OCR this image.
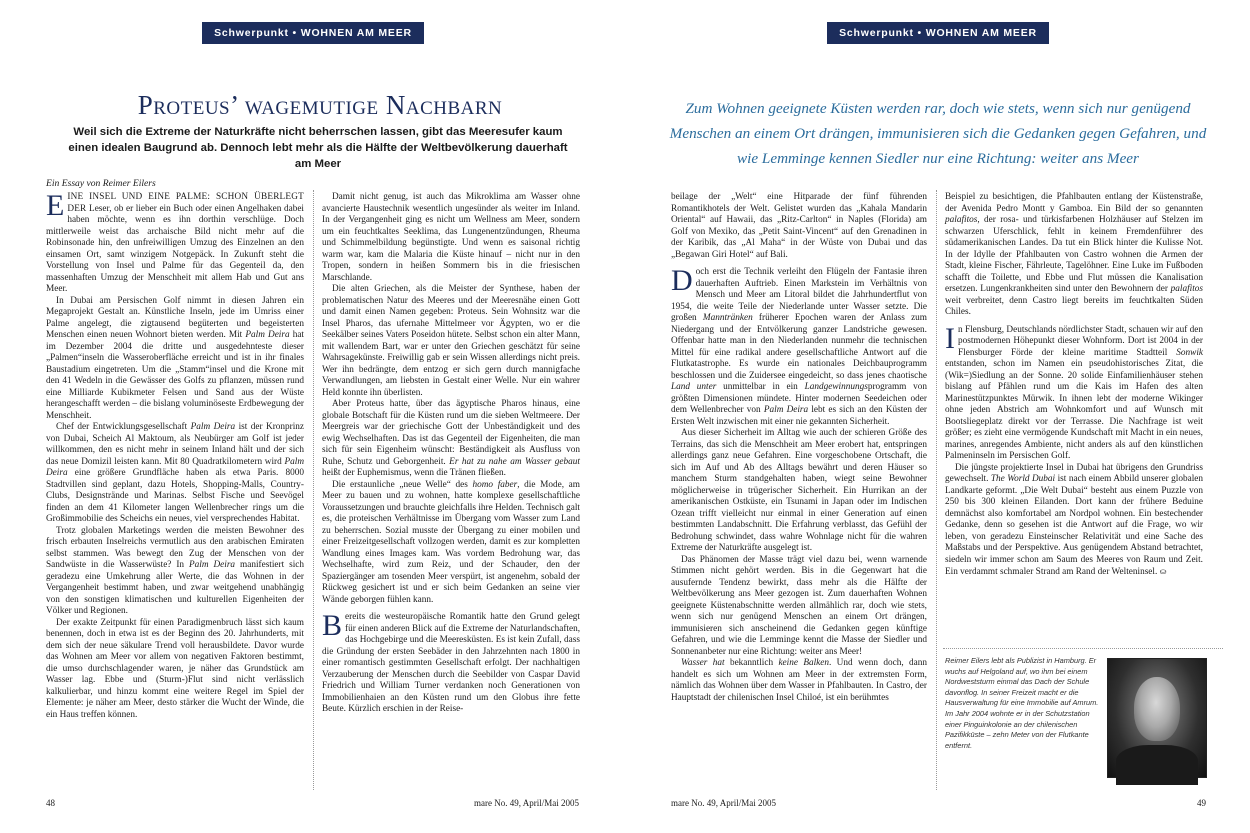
Schwerpunkt • WOHNEN AM MEER
Proteus’ wagemutige Nachbarn
Weil sich die Extreme der Naturkräfte nicht beherrschen lassen, gibt das Meeresufer kaum einen idealen Baugrund ab. Dennoch lebt mehr als die Hälfte der Weltbevölkerung dauerhaft am Meer
Ein Essay von Reimer Eilers

EINE INSEL UND EINE PALME: SCHON ÜBERLEGT DER Leser, ob er lieber ein Buch oder einen Angelhaken dabei haben möchte, wenn es ihn dorthin verschlüge. Doch mittlerweile weist das archaische Bild nicht mehr auf die Robinsonade hin, den unfreiwilligen Umzug des Einzelnen an den einsamen Ort, samt winzigem Notgepäck. In Zukunft steht die Vorstellung von Insel und Palme für das Gegenteil da, den massenhaften Umzug der Menschheit mit allem Hab und Gut ans Meer.

In Dubai am Persischen Golf nimmt in diesen Jahren ein Megaprojekt Gestalt an. Künstliche Inseln, jede im Umriss einer Palme angelegt, die zigtausend begüterten und begeisterten Menschen einen neuen Wohnort bieten werden. Mit Palm Deira hat im Dezember 2004 die dritte und ausgedehnteste dieser „Palmen“inseln die Wasseroberfläche erreicht und ist in ihr finales Baustadium eingetreten. Um die „Stamm“insel und die Krone mit den 41 Wedeln in die Gewässer des Golfs zu pflanzen, müssen rund eine Milliarde Kubikmeter Felsen und Sand aus der Wüste herangeschafft werden – die bislang voluminöseste Erdbewegung der Menschheit.

Chef der Entwicklungsgesellschaft Palm Deira ist der Kronprinz von Dubai, Scheich Al Maktoum, als Neubürger am Golf ist jeder willkommen, den es nicht mehr in seinem Inland hält und der sich das neue Domizil leisten kann. Mit 80 Quadratkilometern wird Palm Deira eine größere Grundfläche haben als etwa Paris. 8000 Stadtvillen sind geplant, dazu Hotels, Shopping-Malls, Country-Clubs, Designstrände und Marinas. Selbst Fische und Seevögel finden an dem 41 Kilometer langen Wellenbrecher rings um die Großimmobilie des Scheichs ein neues, viel versprechendes Habitat.

Trotz globalen Marketings werden die meisten Bewohner des frisch erbauten Inselreichs vermutlich aus den arabischen Emiraten selbst stammen. Was bewegt den Zug der Menschen von der Sandwüste in die Wasserwüste? In Palm Deira manifestiert sich geradezu eine Umkehrung aller Werte, die das Wohnen in der Vergangenheit bestimmt haben, und zwar weitgehend unabhängig von den sonstigen klimatischen und kulturellen Eigenheiten der Völker und Regionen.

Der exakte Zeitpunkt für einen Paradigmenbruch lässt sich kaum benennen, doch in etwa ist es der Beginn des 20. Jahrhunderts, mit dem sich der neue säkulare Trend voll herausbildete. Davor wurde das Wohnen am Meer vor allem von negativen Faktoren bestimmt, die umso durchschlagender waren, je näher das Grundstück am Wasser lag. Ebbe und (Sturm-)Flut sind nicht verlässlich kalkulierbar, und hinzu kommt eine weitere Regel im Spiel der Elemente: je näher am Meer, desto stärker die Wucht der Winde, die ein Haus treffen können.

Damit nicht genug, ist auch das Mikroklima am Wasser ohne avancierte Haustechnik wesentlich ungesünder als weiter im Inland. In der Vergangenheit ging es nicht um Wellness am Meer, sondern um ein feuchtkaltes Seeklima, das Lungenentzündungen, Rheuma und Schimmelbildung begünstigte. Und wenn es saisonal richtig warm war, kam die Malaria die Küste hinauf – nicht nur in den Tropen, sondern in heißen Sommern bis in die friesischen Marschlande.

Die alten Griechen, als die Meister der Synthese, haben der problematischen Natur des Meeres und der Meeresnähe einen Gott und damit einen Namen gegeben: Proteus. Sein Wohnsitz war die Insel Pharos, das ufernahe Mittelmeer vor Ägypten, wo er die Seekälber seines Vaters Poseidon hütete. Selbst schon ein alter Mann, mit wallendem Bart, war er unter den Griechen geschätzt für seine Wahrsagekünste. Freiwillig gab er sein Wissen allerdings nicht preis. Wer ihn bedrängte, dem entzog er sich gern durch mannigfache Verwandlungen, am liebsten in Gestalt einer Welle. Nur ein wahrer Held konnte ihn überlisten.

Aber Proteus hatte, über das ägyptische Pharos hinaus, eine globale Botschaft für die Küsten rund um die sieben Weltmeere. Der Meergreis war der griechische Gott der Unbeständigkeit und des ewig Wechselhaften. Das ist das Gegenteil der Eigenheiten, die man sich für sein Eigenheim wünscht: Beständigkeit als Ausfluss von Ruhe, Schutz und Geborgenheit. Er hat zu nahe am Wasser gebaut heißt der Euphemismus, wenn die Tränen fließen.

Die erstaunliche „neue Welle“ des homo faber, die Mode, am Meer zu bauen und zu wohnen, hatte komplexe gesellschaftliche Voraussetzungen und brauchte gleichfalls ihre Helden. Technisch galt es, die proteischen Verhältnisse im Übergang vom Wasser zum Land zu beherrschen. Sozial musste der Übergang zu einer mobilen und einer Freizeitgesellschaft vollzogen werden, damit es zur kompletten Wandlung eines Images kam. Was vordem Bedrohung war, das Wechselhafte, wird zum Reiz, und der Schauder, den der Spaziergänger am tosenden Meer verspürt, ist angenehm, sobald der Rückweg gesichert ist und er sich beim Gedanken an seine vier Wände geborgen fühlen kann.

Bereits die westeuropäische Romantik hatte den Grund gelegt für einen anderen Blick auf die Extreme der Naturlandschaften, das Hochgebirge und die Meeresküsten. Es ist kein Zufall, dass die Gründung der ersten Seebäder in den Jahrzehnten nach 1800 in einer romantisch gestimmten Gesellschaft erfolgt. Der nachhaltigen Verzauberung der Menschen durch die Seebilder von Caspar David Friedrich und William Turner verdanken noch Generationen von Immobilienhaien an den Küsten rund um den Globus ihre fette Beute. Kürzlich erschien in der Reise-

48	mare No. 49, April/Mai 2005
Schwerpunkt • WOHNEN AM MEER
Zum Wohnen geeignete Küsten werden rar, doch wie stets, wenn sich nur genügend Menschen an einem Ort drängen, immunisieren sich die Gedanken gegen Gefahren, und wie Lemminge kennen Siedler nur eine Richtung: weiter ans Meer

beilage der „Welt“ eine Hitparade der fünf führenden Romantikhotels der Welt. Gelistet wurden das „Kahala Mandarin Oriental“ auf Hawaii, das „Ritz-Carlton“ in Naples (Florida) am Golf von Mexiko, das „Petit Saint-Vincent“ auf den Grenadinen in der Karibik, das „Al Maha“ in der Wüste von Dubai und das „Begawan Giri Hotel“ auf Bali.

Doch erst die Technik verleiht den Flügeln der Fantasie ihren dauerhaften Auftrieb. Einen Markstein im Verhältnis von Mensch und Meer am Litoral bildet die Jahrhundertflut von 1954, die weite Teile der Niederlande unter Wasser setzte. Die großen Manntränken früherer Epochen waren der Anlass zum Niedergang und der Entvölkerung ganzer Landstriche gewesen. Offenbar hatte man in den Niederlanden nunmehr die technischen Mittel für eine radikal andere gesellschaftliche Antwort auf die Flutkatastrophe. Es wurde ein nationales Deichbauprogramm beschlossen und die Zuidersee eingedeicht, so dass jenes chaotische Land unter unmittelbar in ein Landgewinnungsprogramm von größten Dimensionen mündete. Hinter modernen Seedeichen oder dem Wellenbrecher von Palm Deira lebt es sich an den Küsten der Ersten Welt inzwischen mit einer nie gekannten Sicherheit.

Aus dieser Sicherheit im Alltag wie auch der schieren Größe des Terrains, das sich die Menschheit am Meer erobert hat, entspringen allerdings ganz neue Gefahren. Eine vorgeschobene Ortschaft, die sich im Auf und Ab des Alltags bewährt und deren Häuser so manchem Sturm standgehalten haben, wiegt seine Bewohner möglicherweise in trügerischer Sicherheit. Ein Hurrikan an der amerikanischen Ostküste, ein Tsunami in Japan oder im Indischen Ozean trifft vielleicht nur einmal in einer Generation auf einen bestimmten Landabschnitt. Die Erfahrung verblasst, das Gefühl der Bedrohung schwindet, dass wahre Wohnlage nicht für die wahren Extreme der Naturkräfte ausgelegt ist.

Das Phänomen der Masse trägt viel dazu bei, wenn warnende Stimmen nicht gehört werden. Bis in die Gegenwart hat die ausufernde Tendenz bewirkt, dass mehr als die Hälfte der Weltbevölkerung ans Meer gezogen ist. Zum dauerhaften Wohnen geeignete Küstenabschnitte werden allmählich rar, doch wie stets, wenn sich nur genügend Menschen an einem Ort drängen, immunisieren sich anscheinend die Gedanken gegen künftige Gefahren, und wie die Lemminge kennt die Masse der Siedler und Sonnenanbeter nur eine Richtung: weiter ans Meer!

Wasser hat bekanntlich keine Balken. Und wenn doch, dann handelt es sich um Wohnen am Meer in der extremsten Form, nämlich das Wohnen über dem Wasser in Pfahlbauten. In Castro, der Hauptstadt der chilenischen Insel Chiloé, ist ein berühmtes

Beispiel zu besichtigen, die Pfahlbauten entlang der Küstenstraße, der Avenida Pedro Montt y Gamboa. Ein Bild der so genannten palafitos, der rosa- und türkisfarbenen Holzhäuser auf Stelzen im schwarzen Uferschlick, fehlt in keinem Fremdenführer des südamerikanischen Landes. Da tut ein Blick hinter die Kulisse Not. In der Idylle der Pfahlbauten von Castro wohnen die Armen der Stadt, kleine Fischer, Fährleute, Tagelöhner. Eine Luke im Fußboden schafft die Toilette, und Ebbe und Flut müssen die Kanalisation ersetzen. Lungenkrankheiten sind unter den Bewohnern der palafitos weit verbreitet, denn Castro liegt bereits im feuchtkalten Süden Chiles.

In Flensburg, Deutschlands nördlichster Stadt, schauen wir auf den postmodernen Höhepunkt dieser Wohnform. Dort ist 2004 in der Flensburger Förde der kleine maritime Stadtteil Sonwik entstanden, schon im Namen ein pseudohistorisches Zitat, die (Wik=)Siedlung an der Sonne. 20 solide Einfamilienhäuser stehen bislang auf Pfählen rund um die Kais im Hafen des alten Marinestützpunktes Mürwik. In ihnen lebt der moderne Wikinger ohne jeden Abstrich am Wohnkomfort und auf Wunsch mit Bootsliegeplatz direkt vor der Terrasse. Die Nachfrage ist weit größer; es zieht eine vermögende Kundschaft mit Macht in ein neues, marines, anregendes Ambiente, nicht anders als auf den künstlichen Palmeninseln im Persischen Golf.

Die jüngste projektierte Insel in Dubai hat übrigens den Grundriss gewechselt. The World Dubai ist nach einem Abbild unserer globalen Landkarte geformt. „Die Welt Dubai“ besteht aus einem Puzzle von 250 bis 300 kleinen Eilanden. Dort kann der frühere Beduine demnächst also komfortabel am Nordpol wohnen. Ein bestechender Gedanke, denn so gesehen ist die Antwort auf die Frage, wo wir leben, von geradezu Einsteinscher Relativität und eine Sache des Maßstabs und der Perspektive. Aus genügendem Abstand betrachtet, siedeln wir immer schon am Saum des Meeres von Raum und Zeit. Ein verdammt schmaler Strand am Rand der Welteninsel. ⛀

Reimer Eilers lebt als Publizist in Hamburg. Er wuchs auf Helgoland auf, wo ihm bei einem Nordweststurm einmal das Dach der Schule davonflog. In seiner Freizeit macht er die Hausverwaltung für eine Immobilie auf Amrum. Im Jahr 2004 wohnte er in der Schutzstation einer Pinguinkolonie an der chilenischen Pazifikküste – zehn Meter von der Flutkante entfernt.
mare No. 49, April/Mai 2005	49
